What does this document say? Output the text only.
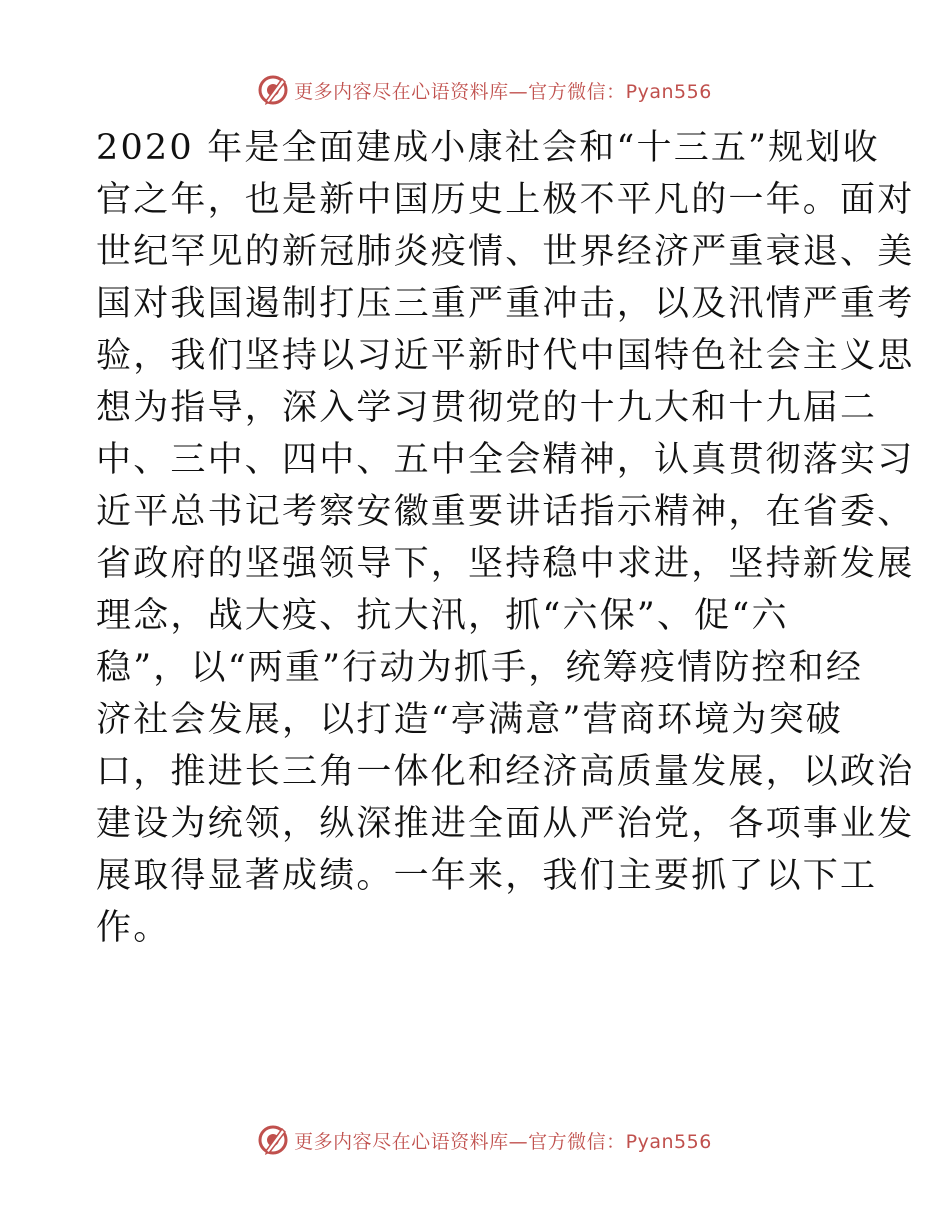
更多内容尽在心语资料库—官方微信：Pyan556
2020 年是全面建成小康社会和“十三五”规划收
官之年，也是新中国历史上极不平凡的一年。面对
世纪罕见的新冠肺炎疫情、世界经济严重衰退、美
国对我国遏制打压三重严重冲击，以及汛情严重考
验，我们坚持以习近平新时代中国特色社会主义思
想为指导，深入学习贯彻党的十九大和十九届二
中、三中、四中、五中全会精神，认真贯彻落实习
近平总书记考察安徽重要讲话指示精神，在省委、
省政府的坚强领导下，坚持稳中求进，坚持新发展
理念，战大疫、抗大汛，抓“六保”、促“六
稳”，以“两重”行动为抓手，统筹疫情防控和经
济社会发展，以打造“亭满意”营商环境为突破
口，推进长三角一体化和经济高质量发展，以政治
建设为统领，纵深推进全面从严治党，各项事业发
展取得显著成绩。一年来，我们主要抓了以下工
作。
更多内容尽在心语资料库—官方微信：Pyan556
